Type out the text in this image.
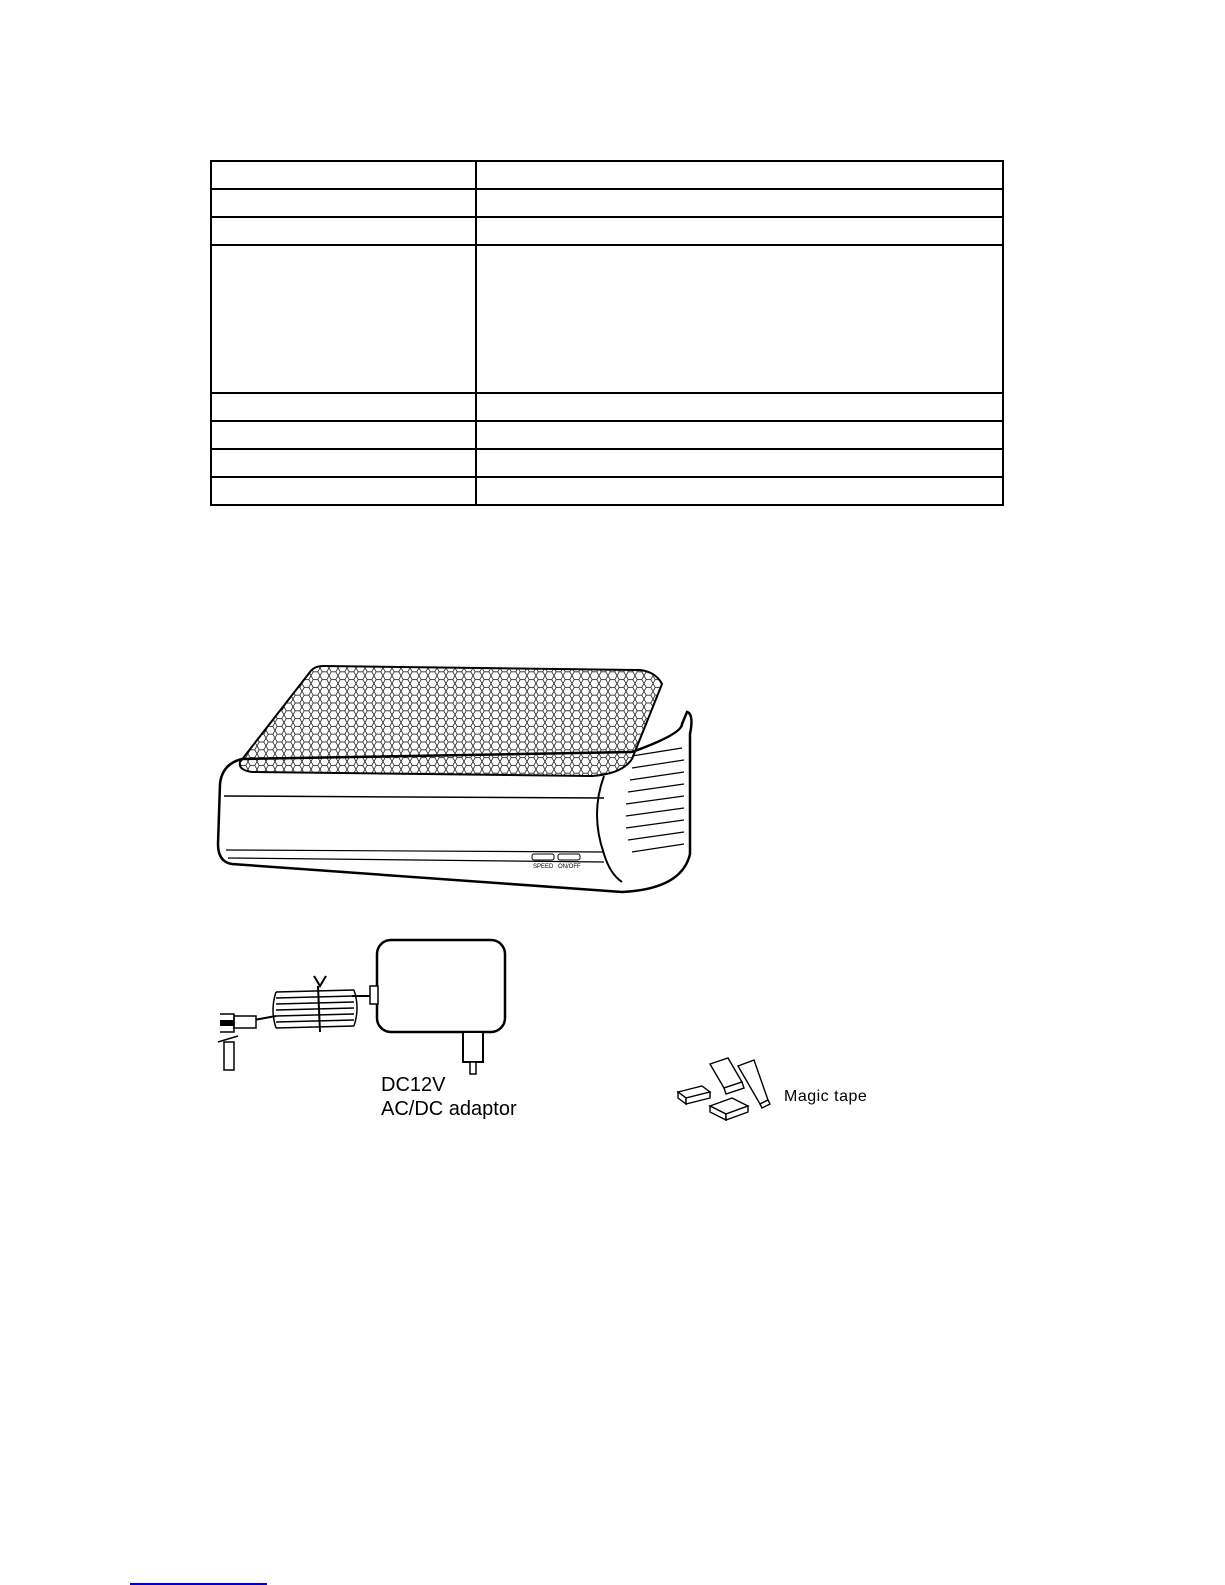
SPEED ON/OFF
DC12V
AC/DC adaptor
Magic tape
